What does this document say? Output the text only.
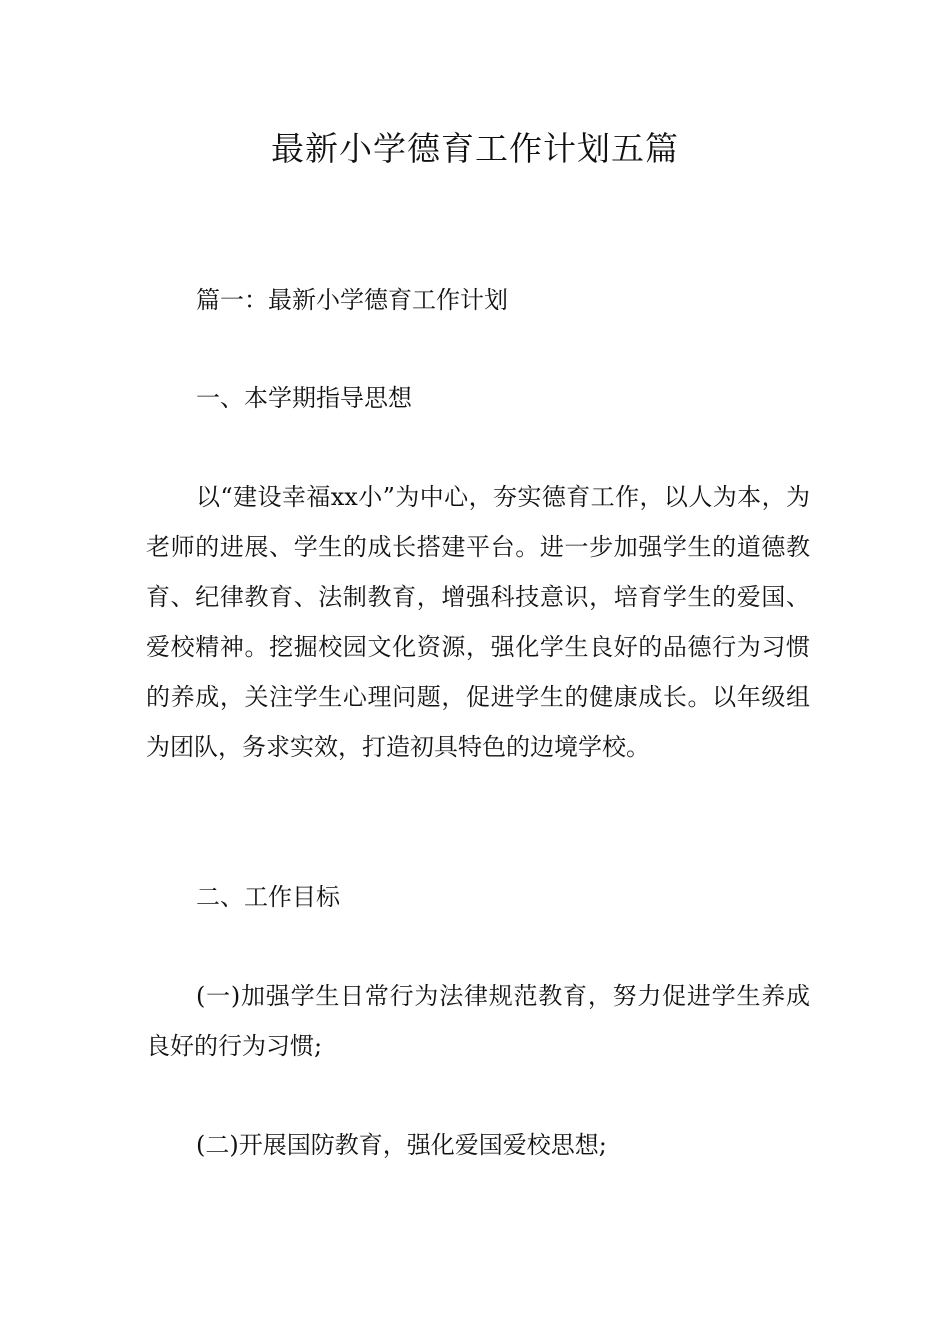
最新小学德育工作计划五篇

篇一：最新小学德育工作计划

一、本学期指导思想

以“建设幸福xx小”为中心，夯实德育工作，以人为本，为老师的进展、学生的成长搭建平台。进一步加强学生的道德教育、纪律教育、法制教育，增强科技意识，培育学生的爱国、爱校精神。挖掘校园文化资源，强化学生良好的品德行为习惯的养成，关注学生心理问题，促进学生的健康成长。以年级组为团队，务求实效，打造初具特色的边境学校。

二、工作目标

(一)加强学生日常行为法律规范教育，努力促进学生养成良好的行为习惯;

(二)开展国防教育，强化爱国爱校思想;
